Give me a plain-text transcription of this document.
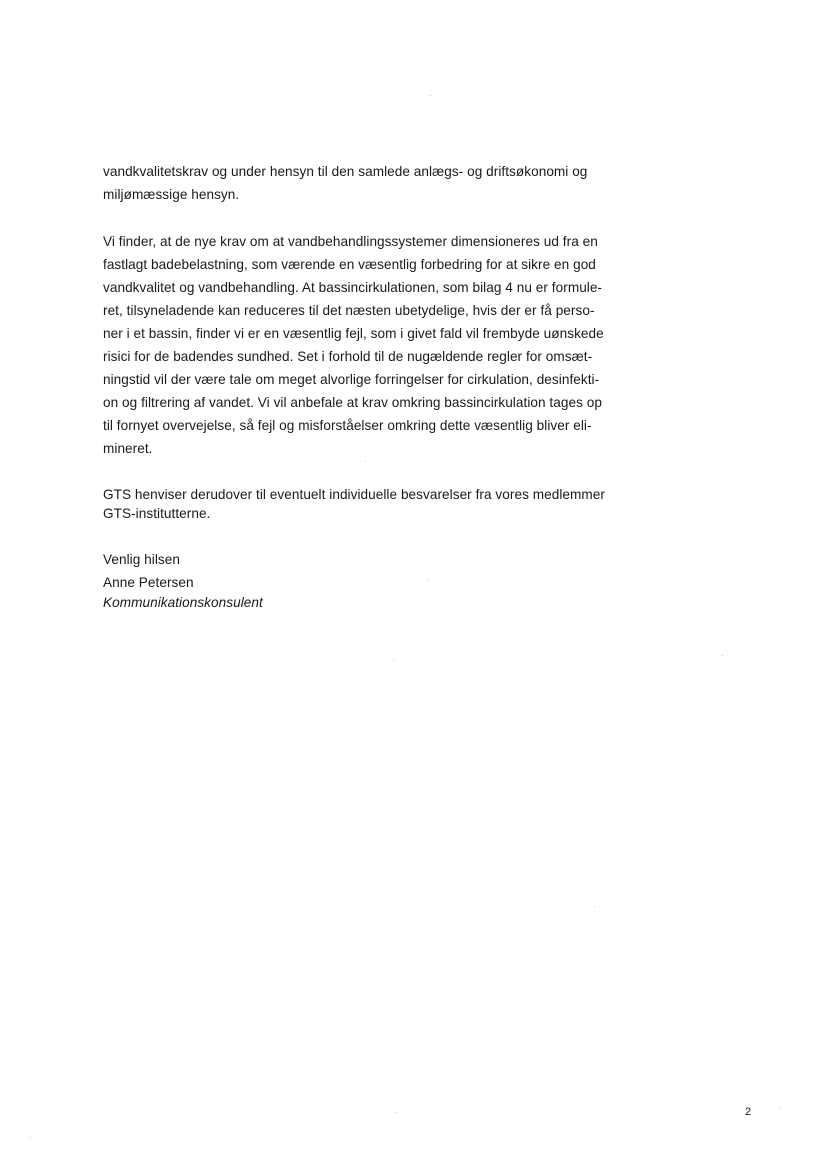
vandkvalitetskrav og under hensyn til den samlede anlægs- og driftsøkonomi og
miljømæssige hensyn.
Vi finder, at de nye krav om at vandbehandlingssystemer dimensioneres ud fra en
fastlagt badebelastning, som værende en væsentlig forbedring for at sikre en god
vandkvalitet og vandbehandling. At bassincirkulationen, som bilag 4 nu er formule-
ret, tilsyneladende kan reduceres til det næsten ubetydelige, hvis der er få perso-
ner i et bassin, finder vi er en væsentlig fejl, som i givet fald vil frembyde uønskede
risici for de badendes sundhed. Set i forhold til de nugældende regler for omsæt-
ningstid vil der være tale om meget alvorlige forringelser for cirkulation, desinfekti-
on og filtrering af vandet. Vi vil anbefale at krav omkring bassincirkulation tages op
til fornyet overvejelse, så fejl og misforståelser omkring dette væsentlig bliver eli-
mineret.
GTS henviser derudover til eventuelt individuelle besvarelser fra vores medlemmer
GTS-institutterne.
Venlig hilsen
Anne Petersen
Kommunikationskonsulent
2
